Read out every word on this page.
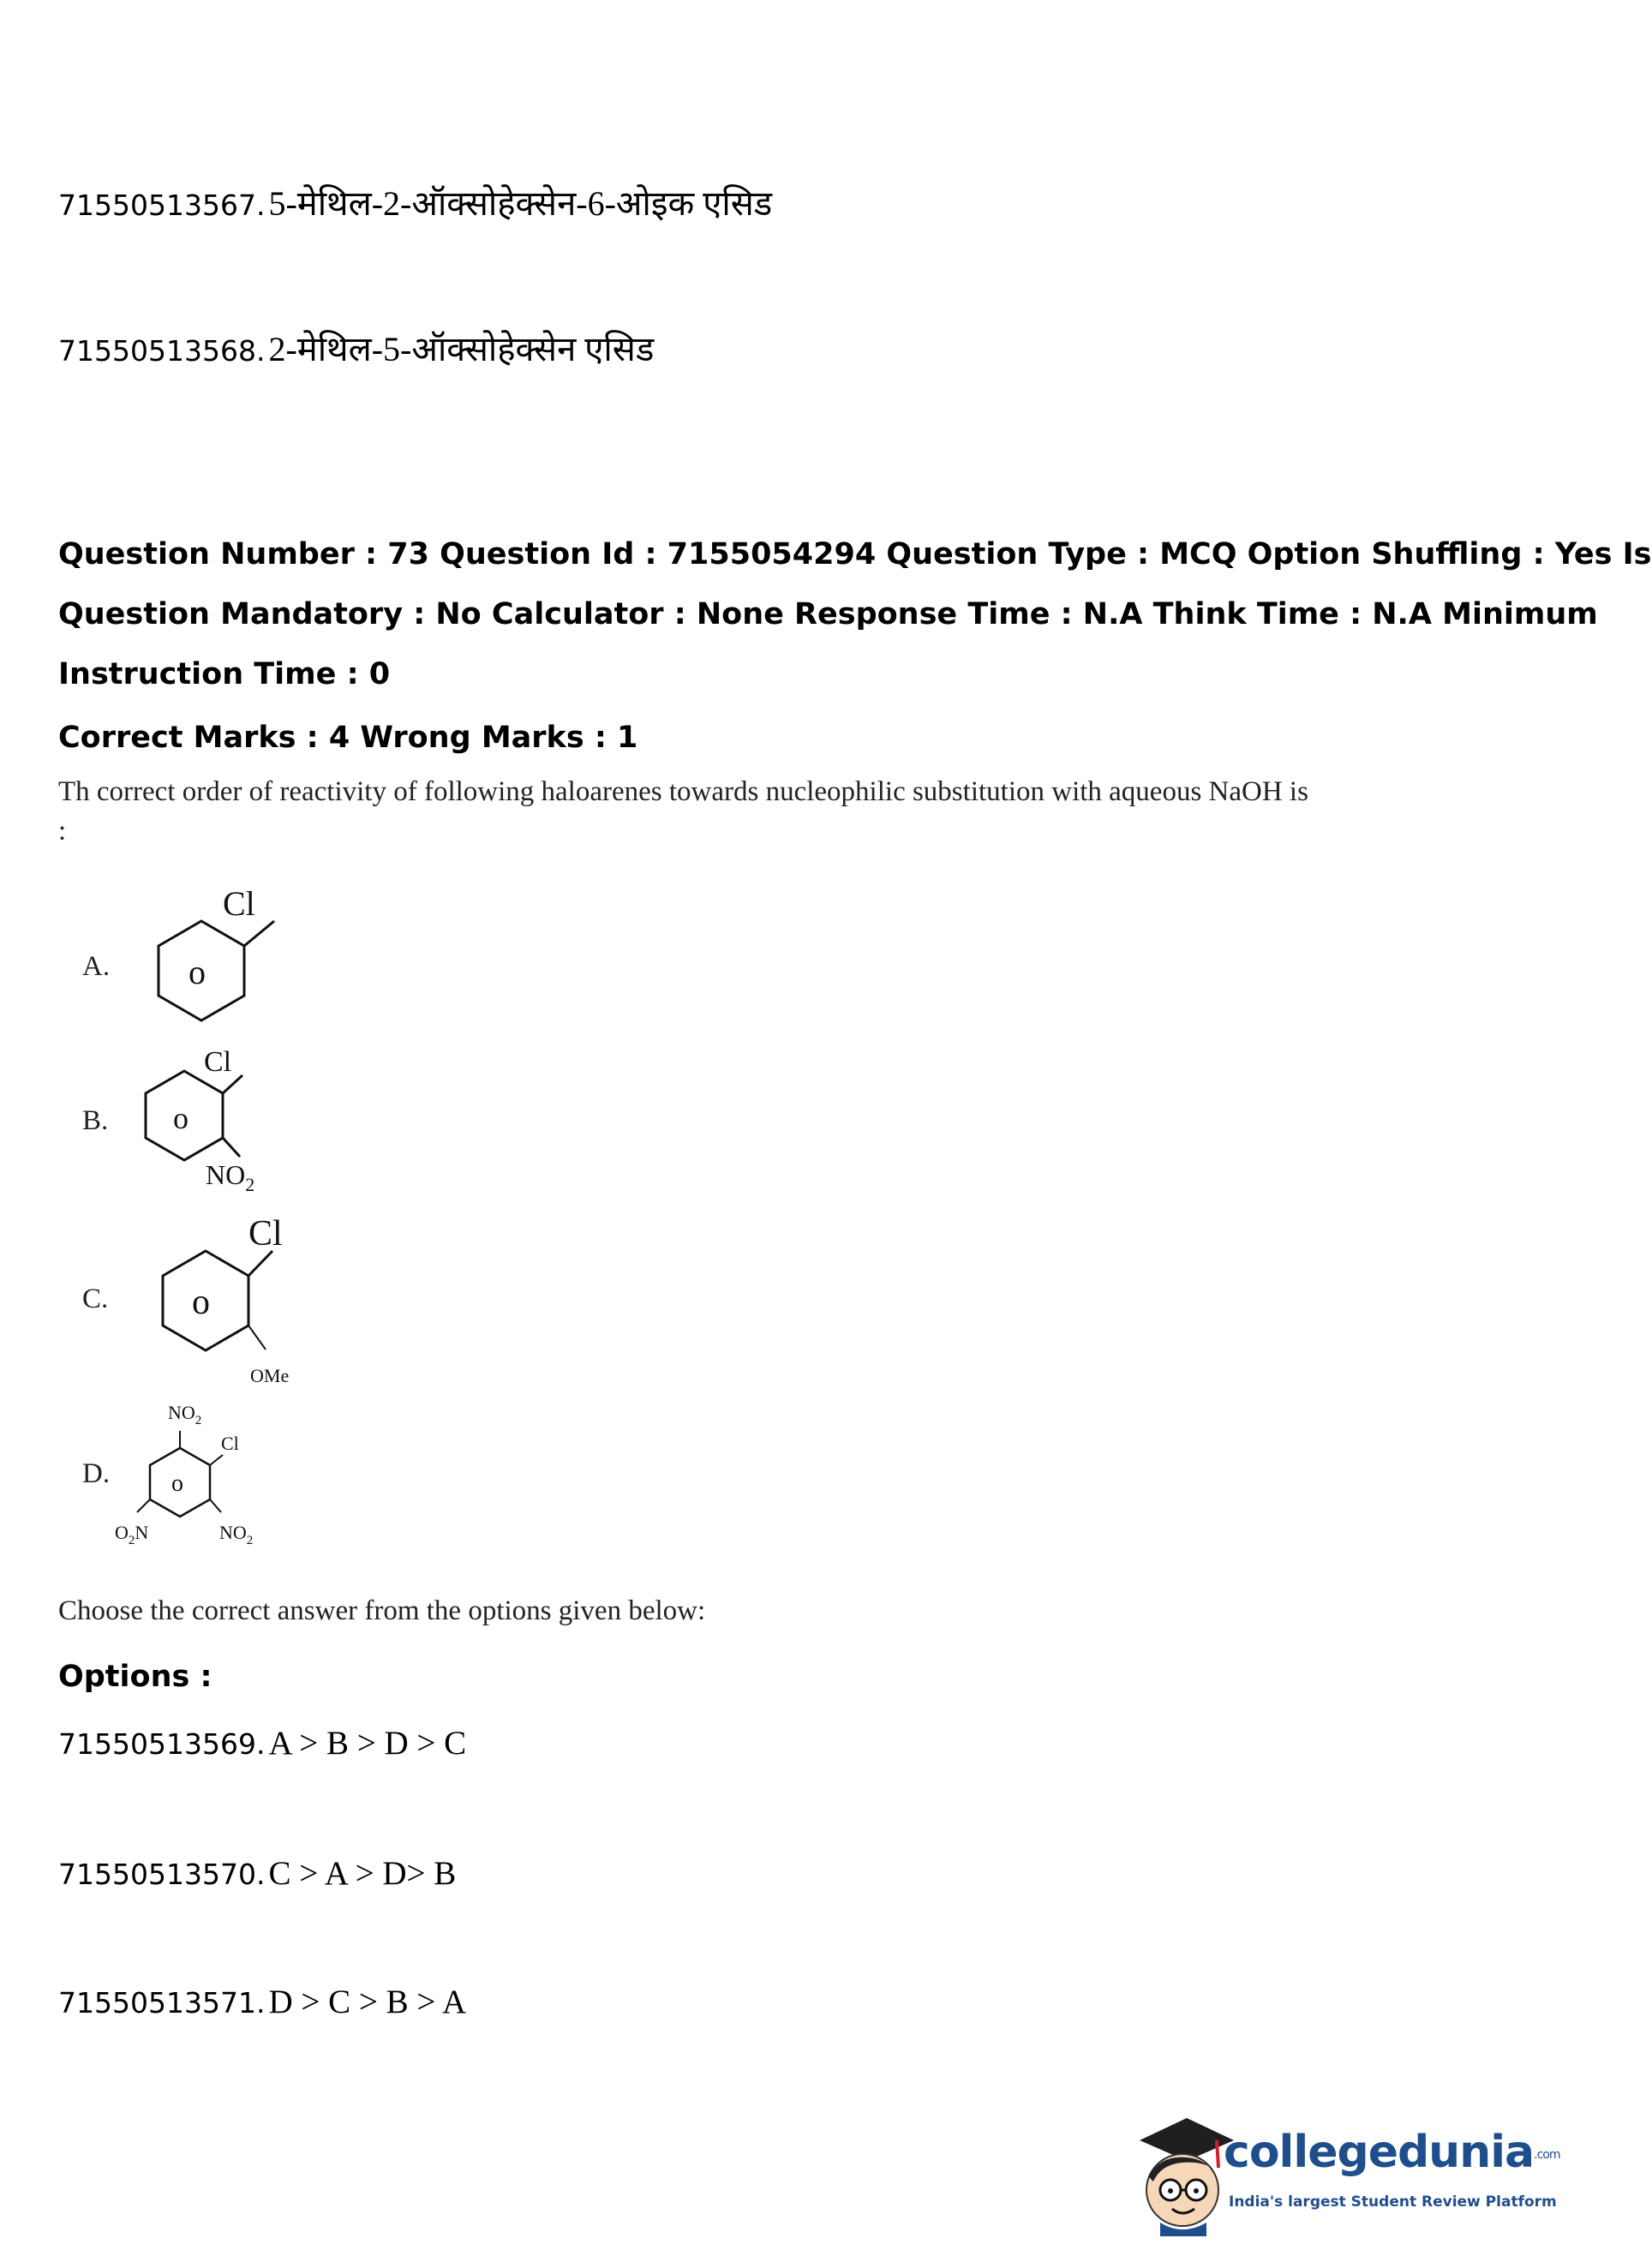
71550513567. 5-मेथिल-2-ऑक्सोहेक्सेन-6-ओइक एसिड
71550513568. 2-मेथिल-5-ऑक्सोहेक्सेन एसिड
Question Number : 73 Question Id : 7155054294 Question Type : MCQ Option Shuffling : Yes Is
Question Mandatory : No Calculator : None Response Time : N.A Think Time : N.A Minimum
Instruction Time : 0
Correct Marks : 4 Wrong Marks : 1
Th correct order of reactivity of following haloarenes towards nucleophilic substitution with aqueous NaOH is
:
A. o
Cl
B. o
Cl
$NO_2$
C. o
Cl
OMe
D.	o
$NO_2$
Cl
$O_2N$	$NO_2$
Choose the correct answer from the options given below:
Options :
71550513569. A > B > D > C
71550513570. C > A > D> B
71550513571. D > C > B > A
collegedunia.com
India's largest Student Review Platform
